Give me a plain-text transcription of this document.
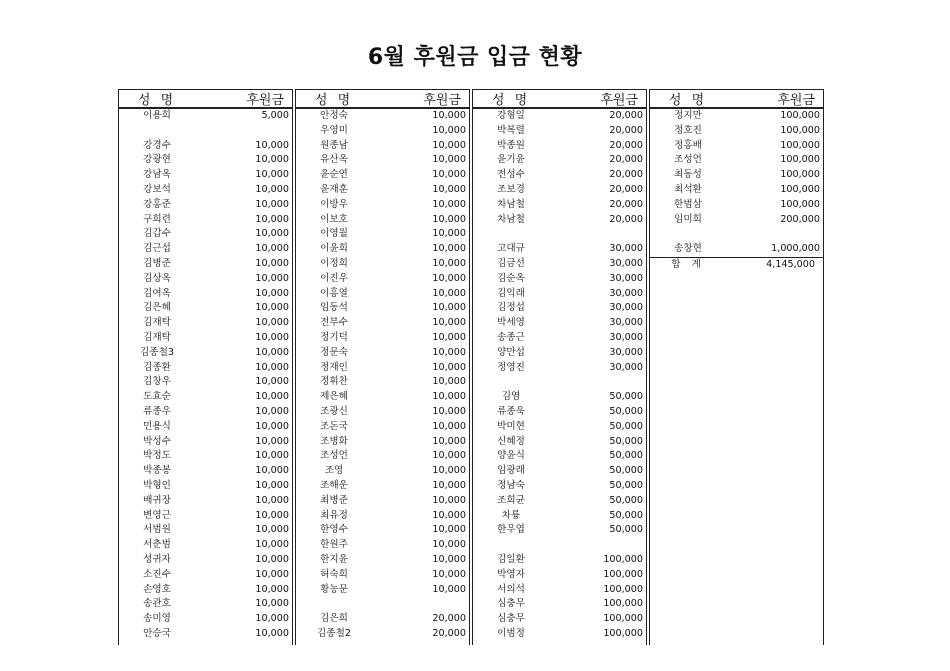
6월 후원금 입금 현황
성 명	후원금
이용희	5,000
강경수	10,000
강광현	10,000
강남옥	10,000
강보석	10,000
강홍준	10,000
구희련	10,000
김갑수	10,000
김근섭	10,000
김병준	10,000
김상옥	10,000
김여옥	10,000
김은혜	10,000
김재탁	10,000
김재탁	10,000
김종철3	10,000
김종환	10,000
김창우	10,000
도효순	10,000
류종우	10,000
민용식	10,000
박성수	10,000
박정도	10,000
박종봉	10,000
박형인	10,000
배귀장	10,000
변영근	10,000
서범원	10,000
서춘범	10,000
성귀자	10,000
소진수	10,000
손영호	10,000
송관호	10,000
송미영	10,000
안승국	10,000
성 명	후원금
안정숙	10,000
우영미	10,000
원종남	10,000
유산옥	10,000
윤순연	10,000
윤재훈	10,000
이방우	10,000
이보호	10,000
이영월	10,000
이윤희	10,000
이정희	10,000
이진우	10,000
이홍열	10,000
임동석	10,000
전부수	10,000
정기덕	10,000
정문숙	10,000
정재인	10,000
정휘찬	10,000
제은혜	10,000
조광신	10,000
조돈국	10,000
조병화	10,000
조성언	10,000
조영	10,000
조해운	10,000
최병준	10,000
최유정	10,000
한영수	10,000
한원주	10,000
한지윤	10,000
허숙희	10,000
황농문	10,000
김은희	20,000
김종철2	20,000
성 명	후원금
강형일	20,000
박복렬	20,000
박종원	20,000
윤기윤	20,000
전성수	20,000
조보경	20,000
차남철	20,000
차남철	20,000
고대규	30,000
김금선	30,000
김순옥	30,000
김익래	30,000
김정섭	30,000
박세영	30,000
송종근	30,000
양만섭	30,000
정영진	30,000
김염	50,000
류종욱	50,000
박미현	50,000
신혜정	50,000
양윤식	50,000
임광래	50,000
정남숙	50,000
조희균	50,000
차륭	50,000
한우엽	50,000
김일환	100,000
박영자	100,000
서의석	100,000
심충무	100,000
심충무	100,000
이범정	100,000
성 명	후원금
정지만	100,000
정호진	100,000
정홍배	100,000
조성언	100,000
최동성	100,000
최석환	100,000
한범삼	100,000
임미희	200,000
송창현	1,000,000
합 계	4,145,000
